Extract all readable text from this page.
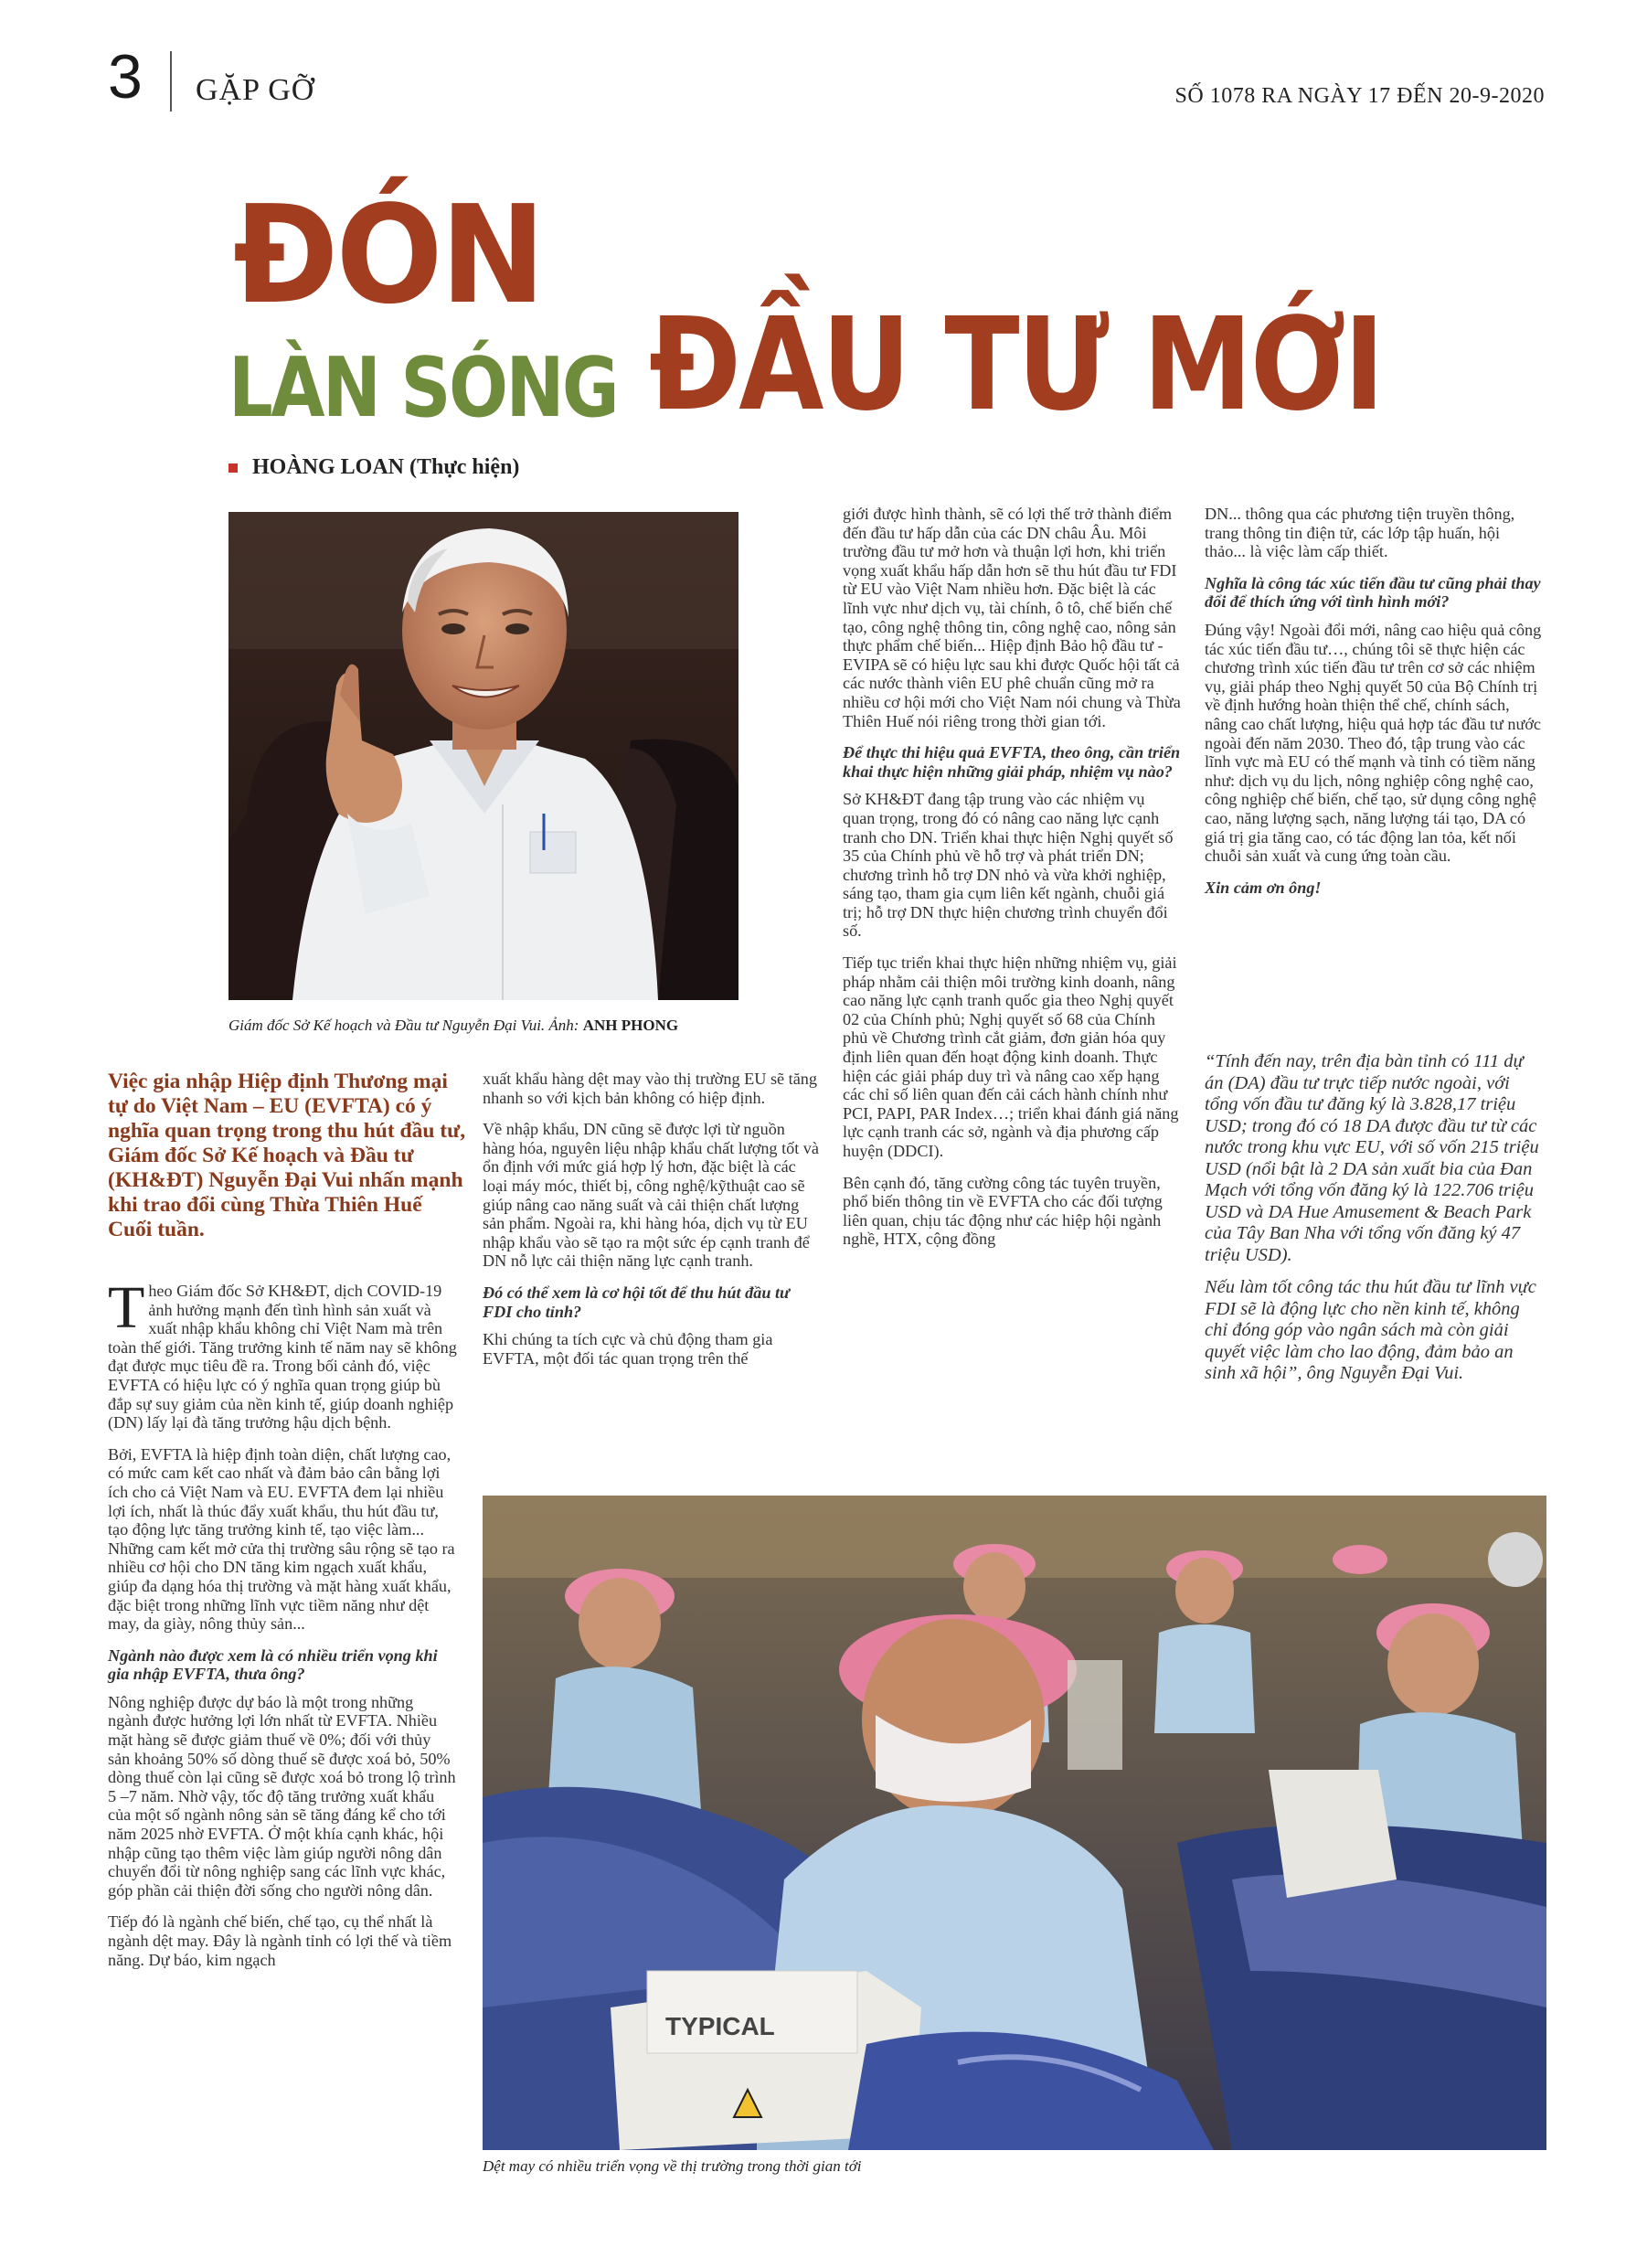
3 GẶP GỠ	SỐ 1078 RA NGÀY 17 ĐẾN 20-9-2020
ĐÓN
LÀN SÓNG ĐẦU TƯ MỚI
HOÀNG LOAN (Thực hiện)
Giám đốc Sở Kế hoạch và Đầu tư Nguyễn Đại Vui. Ảnh: ANH PHONG
Việc gia nhập Hiệp định Thương mại tự do Việt Nam – EU (EVFTA) có ý nghĩa quan trọng trong thu hút đầu tư, Giám đốc Sở Kế hoạch và Đầu tư (KH&ĐT) Nguyễn Đại Vui nhấn mạnh khi trao đổi cùng Thừa Thiên Huế Cuối tuần.

Theo Giám đốc Sở KH&ĐT, dịch COVID-19 ảnh hưởng mạnh đến tình hình sản xuất và xuất nhập khẩu không chỉ Việt Nam mà trên toàn thế giới. Tăng trưởng kinh tế năm nay sẽ không đạt được mục tiêu đề ra. Trong bối cảnh đó, việc EVFTA có hiệu lực có ý nghĩa quan trọng giúp bù đắp sự suy giảm của nền kinh tế, giúp doanh nghiệp (DN) lấy lại đà tăng trưởng hậu dịch bệnh.

Bởi, EVFTA là hiệp định toàn diện, chất lượng cao, có mức cam kết cao nhất và đảm bảo cân bằng lợi ích cho cả Việt Nam và EU. EVFTA đem lại nhiều lợi ích, nhất là thúc đẩy xuất khẩu, thu hút đầu tư, tạo động lực tăng trưởng kinh tế, tạo việc làm... Những cam kết mở cửa thị trường sâu rộng sẽ tạo ra nhiều cơ hội cho DN tăng kim ngạch xuất khẩu, giúp đa dạng hóa thị trường và mặt hàng xuất khẩu, đặc biệt trong những lĩnh vực tiềm năng như dệt may, da giày, nông thủy sản...

Ngành nào được xem là có nhiều triển vọng khi gia nhập EVFTA, thưa ông?

Nông nghiệp được dự báo là một trong những ngành được hưởng lợi lớn nhất từ EVFTA. Nhiều mặt hàng sẽ được giảm thuế về 0%; đối với thủy sản khoảng 50% số dòng thuế sẽ được xoá bỏ, 50% dòng thuế còn lại cũng sẽ được xoá bỏ trong lộ trình 5 –7 năm. Nhờ vậy, tốc độ tăng trưởng xuất khẩu của một số ngành nông sản sẽ tăng đáng kể cho tới năm 2025 nhờ EVFTA. Ở một khía cạnh khác, hội nhập cũng tạo thêm việc làm giúp người nông dân chuyển đổi từ nông nghiệp sang các lĩnh vực khác, góp phần cải thiện đời sống cho người nông dân.

Tiếp đó là ngành chế biến, chế tạo, cụ thể nhất là ngành dệt may. Đây là ngành tỉnh có lợi thế và tiềm năng. Dự báo, kim ngạch

xuất khẩu hàng dệt may vào thị trường EU sẽ tăng nhanh so với kịch bản không có hiệp định.

Về nhập khẩu, DN cũng sẽ được lợi từ nguồn hàng hóa, nguyên liệu nhập khẩu chất lượng tốt và ổn định với mức giá hợp lý hơn, đặc biệt là các loại máy móc, thiết bị, công nghệ/kỹthuật cao sẽ giúp nâng cao năng suất và cải thiện chất lượng sản phẩm. Ngoài ra, khi hàng hóa, dịch vụ từ EU nhập khẩu vào sẽ tạo ra một sức ép cạnh tranh để DN nỗ lực cải thiện năng lực cạnh tranh.

Đó có thể xem là cơ hội tốt để thu hút đầu tư FDI cho tỉnh?

Khi chúng ta tích cực và chủ động tham gia EVFTA, một đối tác quan trọng trên thế

giới được hình thành, sẽ có lợi thế trở thành điểm đến đầu tư hấp dẫn của các DN châu Âu. Môi trường đầu tư mở hơn và thuận lợi hơn, khi triển vọng xuất khẩu hấp dẫn hơn sẽ thu hút đầu tư FDI từ EU vào Việt Nam nhiều hơn. Đặc biệt là các lĩnh vực như dịch vụ, tài chính, ô tô, chế biến chế tạo, công nghệ thông tin, công nghệ cao, nông sản thực phẩm chế biến... Hiệp định Bảo hộ đầu tư - EVIPA sẽ có hiệu lực sau khi được Quốc hội tất cả các nước thành viên EU phê chuẩn cũng mở ra nhiều cơ hội mới cho Việt Nam nói chung và Thừa Thiên Huế nói riêng trong thời gian tới.

Để thực thi hiệu quả EVFTA, theo ông, cần triển khai thực hiện những giải pháp, nhiệm vụ nào?

Sở KH&ĐT đang tập trung vào các nhiệm vụ quan trọng, trong đó có nâng cao năng lực cạnh tranh cho DN. Triển khai thực hiện Nghị quyết số 35 của Chính phủ về hỗ trợ và phát triển DN; chương trình hỗ trợ DN nhỏ và vừa khởi nghiệp, sáng tạo, tham gia cụm liên kết ngành, chuỗi giá trị; hỗ trợ DN thực hiện chương trình chuyển đổi số.

Tiếp tục triển khai thực hiện những nhiệm vụ, giải pháp nhằm cải thiện môi trường kinh doanh, nâng cao năng lực cạnh tranh quốc gia theo Nghị quyết 02 của Chính phủ; Nghị quyết số 68 của Chính phủ về Chương trình cắt giảm, đơn giản hóa quy định liên quan đến hoạt động kinh doanh. Thực hiện các giải pháp duy trì và nâng cao xếp hạng các chỉ số liên quan đến cải cách hành chính như PCI, PAPI, PAR Index…; triển khai đánh giá năng lực cạnh tranh các sở, ngành và địa phương cấp huyện (DDCI).

Bên cạnh đó, tăng cường công tác tuyên truyền, phổ biến thông tin về EVFTA cho các đối tượng liên quan, chịu tác động như các hiệp hội ngành nghề, HTX, cộng đồng

DN... thông qua các phương tiện truyền thông, trang thông tin điện tử, các lớp tập huấn, hội thảo... là việc làm cấp thiết.

Nghĩa là công tác xúc tiến đầu tư cũng phải thay đổi để thích ứng với tình hình mới?

Đúng vậy! Ngoài đổi mới, nâng cao hiệu quả công tác xúc tiến đầu tư…, chúng tôi sẽ thực hiện các chương trình xúc tiến đầu tư trên cơ sở các nhiệm vụ, giải pháp theo Nghị quyết 50 của Bộ Chính trị về định hướng hoàn thiện thể chế, chính sách, nâng cao chất lượng, hiệu quả hợp tác đầu tư nước ngoài đến năm 2030. Theo đó, tập trung vào các lĩnh vực mà EU có thế mạnh và tỉnh có tiềm năng như: dịch vụ du lịch, nông nghiệp công nghệ cao, công nghiệp chế biến, chế tạo, sử dụng công nghệ cao, năng lượng sạch, năng lượng tái tạo, DA có giá trị gia tăng cao, có tác động lan tỏa, kết nối chuỗi sản xuất và cung ứng toàn cầu.

Xin cảm ơn ông!

“Tính đến nay, trên địa bàn tỉnh có 111 dự án (DA) đầu tư trực tiếp nước ngoài, với tổng vốn đầu tư đăng ký là 3.828,17 triệu USD; trong đó có 18 DA được đầu tư từ các nước trong khu vực EU, với số vốn 215 triệu USD (nổi bật là 2 DA sản xuất bia của Đan Mạch với tổng vốn đăng ký là 122.706 triệu USD và DA Hue Amusement & Beach Park của Tây Ban Nha với tổng vốn đăng ký 47 triệu USD).

Nếu làm tốt công tác thu hút đầu tư lĩnh vực FDI sẽ là động lực cho nền kinh tế, không chỉ đóng góp vào ngân sách mà còn giải quyết việc làm cho lao động, đảm bảo an sinh xã hội”, ông Nguyễn Đại Vui.

TYPICAL
Dệt may có nhiều triển vọng về thị trường trong thời gian tới
